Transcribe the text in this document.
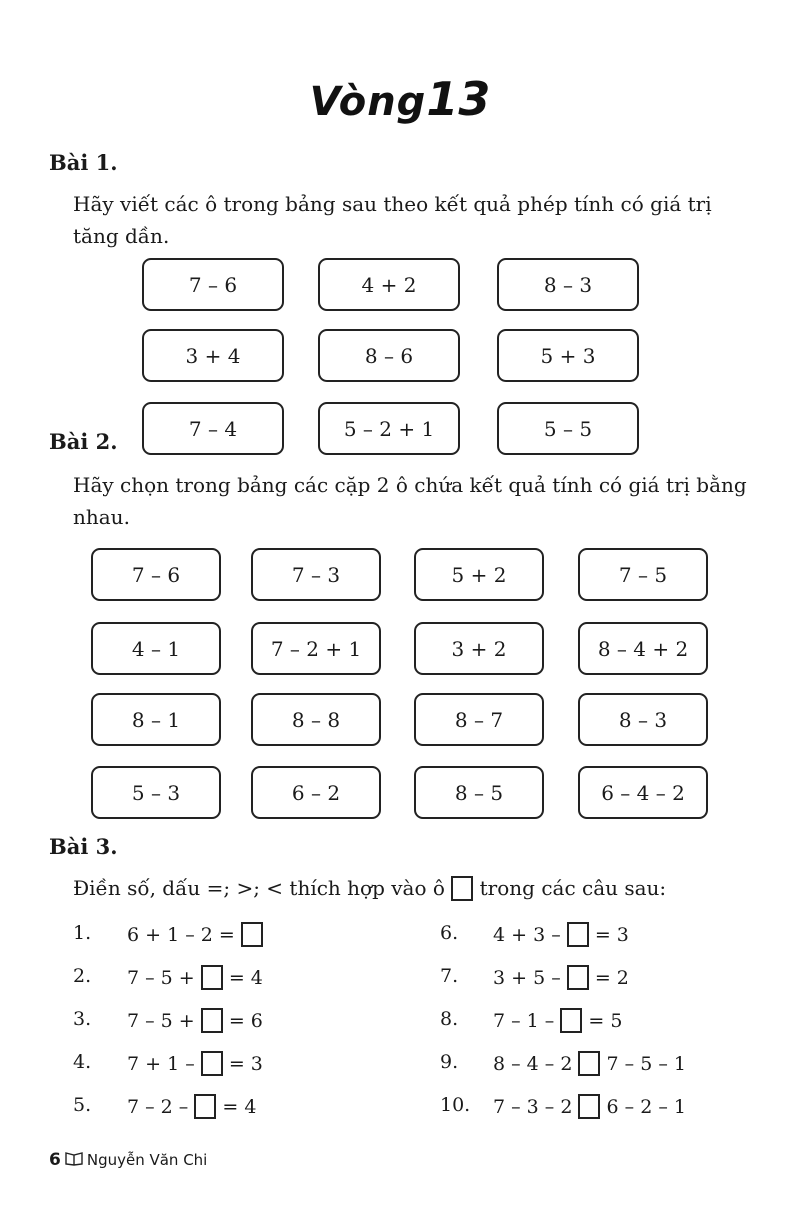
Vòng13
Bài 1.
Hãy viết các ô trong bảng sau theo kết quả phép tính có giá trị tăng dần.
7 – 6	4 + 2	8 – 3
3 + 4	8 – 6	5 + 3
7 – 4	5 – 2 + 1	5 – 5
Bài 2.
Hãy chọn trong bảng các cặp 2 ô chứa kết quả tính có giá trị bằng nhau.
7 – 6	7 – 3	5 + 2	7 – 5
4 – 1	7 – 2 + 1	3 + 2	8 – 4 + 2
8 – 1	8 – 8	8 – 7	8 – 3
5 – 3	6 – 2	8 – 5	6 – 4 – 2
Bài 3.
Điền số, dấu =; >; < thích hợp vào ô trong các câu sau:
1. 6 + 1 – 2 =
2. 7 – 5 + = 4
3. 7 – 5 + = 6
4. 7 + 1 – = 3
5. 7 – 2 – = 4
6. 4 + 3 – = 3
7. 3 + 5 – = 2
8. 7 – 1 – = 5
9. 8 – 4 – 2 7 – 5 – 1
10. 7 – 3 – 2 6 – 2 – 1
6 Nguyễn Văn Chi
